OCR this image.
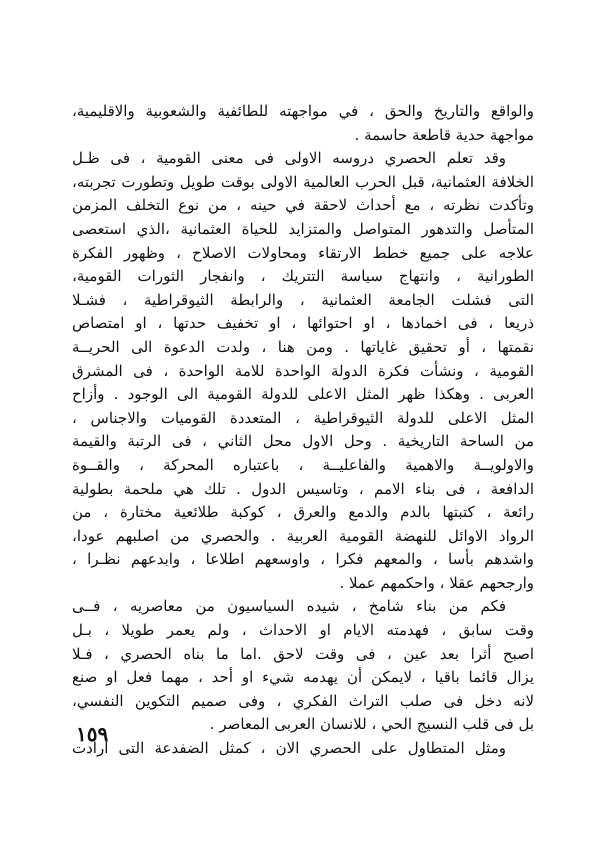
والواقع والتاريخ والحق ، في مواجهته للطائفية والشعوبية والاقليمية،
مواجهة حدية قاطعة حاسمة .
وقد تعلم الحصري دروسه الاولى فى معنى القومية ، فى ظـل
الخلافة العثمانية، قبل الحرب العالمية الاولى بوقت طويل وتطورت تجربته،
وتأكدت نظرته ، مع أحداث لاحقة في حينه ، من نوع التخلف المزمن
المتأصل والتدهور المتواصل والمتزايد للحياة العثمانية ،الذي استعصى
علاجه على جميع خطط الارتقاء ومحاولات الاصلاح ، وظهور الفكرة
الطورانية ، وانتهاج سياسة التتريك ، وانفجار الثورات القومية،
التى فشلت الجامعة العثمانية ، والرابطة الثيوقراطية ، فشـلا
ذريعا ، فى اخمادها ، او احتوائها ، او تخفيف حدتها ، او امتصاص
نقمتها ، أو تحقيق غاياتها . ومن هنا ، ولدت الدعوة الى الحريــة
القومية ، ونشأت فكرة الدولة الواحدة للامة الواحدة ، فى المشرق
العربى . وهكذا ظهر المثل الاعلى للدولة القومية الى الوجود . وأزاح
المثل الاعلى للدولة الثيوقراطية ، المتعددة القوميات والاجناس ،
من الساحة التاريخية . وحل الاول محل الثاني ، فى الرتبة والقيمة
والاولويــة والاهمية والفاعليــة ، باعتباره المحركة ، والقــوة
الدافعة ، فى بناء الامم ، وتاسيس الدول . تلك هي ملحمة بطولية
رائعة ، كتبتها بالدم والدمع والعرق ، كوكبة طلائعية مختارة ، من
الرواد الاوائل للنهضة القومية العربية . والحصري من اصلبهم عودا،
واشدهم بأسا ، والمعهم فكرا ، واوسعهم اطلاعا ، وابدعهم نظـرا ،
وارجحهم عقلا ، واحكمهم عملا .
فكم من بناء شامخ ، شيده السياسيون من معاصريه ، فــى
وقت سابق ، فهدمته الايام او الاحداث ، ولم يعمر طويلا ، بـل
اصبح أثرا بعد عين ، فى وقت لاحق .اما ما بناه الحصري ، فـلا
يزال قائما باقيا ، لايمكن أن يهدمه شيء او أحد ، مهما فعل او صنع
لانه دخل فى صلب التراث الفكري ، وفى صميم التكوين النفسي،
بل فى قلب النسيج الحي ، للانسان العربى المعاصر .
ومثل المتطاول على الحصري الان ، كمثل الضفدعة التى أرادت
١٥٩
